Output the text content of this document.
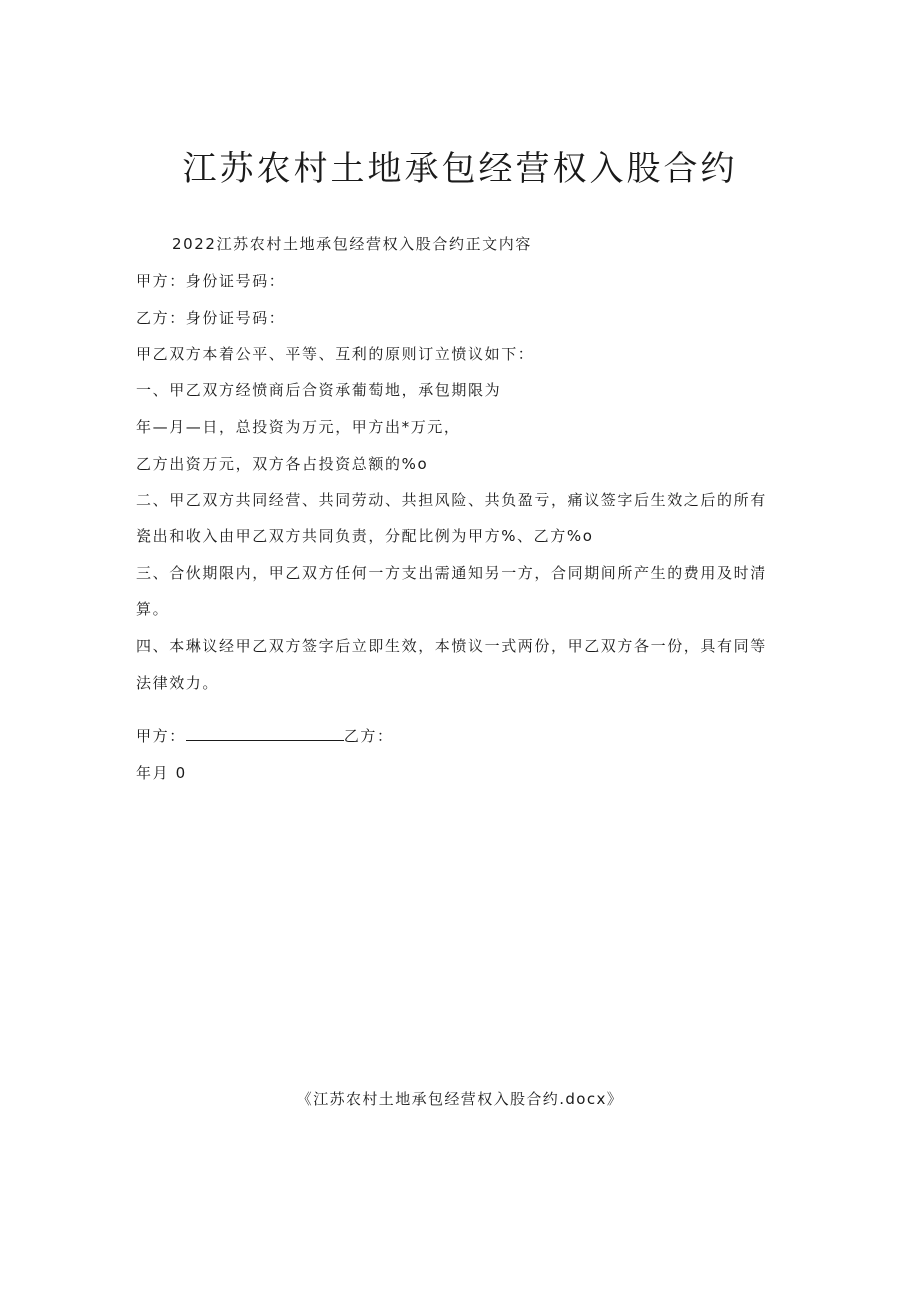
江苏农村土地承包经营权入股合约
2022江苏农村土地承包经营权入股合约正文内容
甲方：身份证号码：
乙方：身份证号码：
甲乙双方本着公平、平等、互利的原则订立愤议如下：
一、甲乙双方经愤商后合资承葡萄地，承包期限为
年—月—日，总投资为万元，甲方出*万元，
乙方出资万元，双方各占投资总额的%o
二、甲乙双方共同经营、共同劳动、共担风险、共负盈亏，痛议签字后生效之后的所有
瓷出和收入由甲乙双方共同负责，分配比例为甲方%、乙方%o
三、合伙期限内，甲乙双方任何一方支出需通知另一方，合同期间所产生的费用及时清
算。
四、本琳议经甲乙双方签字后立即生效，本愤议一式两份，甲乙双方各一份，具有同等
法律效力。
甲方：	乙方：
年月 0
《江苏农村土地承包经营权入股合约.docx》
